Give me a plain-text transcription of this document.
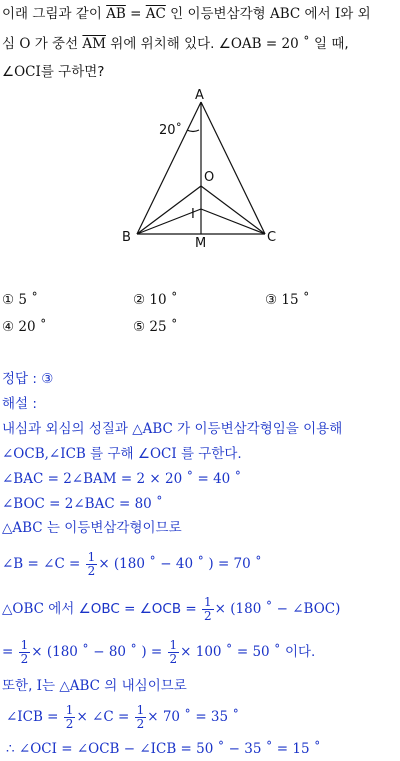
이래 그림과 같이 $\overline{AB} = \overline{AC}$ 인 이등변삼각형 ABC 에서 I와 외
심 O 가 중선 $\overline{AM}$ 위에 위치해 있다. ∠OAB = 20 ˚ 일 때,
∠OCI를 구하면?
A
B	C
M
O
I
20˚
① 5 ˚	② 10 ˚	③ 15 ˚
④ 20 ˚	⑤ 25 ˚
정답 : ③
해설 :
내심과 외심의 성질과 △ABC 가 이등변삼각형임을 이용해
∠OCB,∠ICB 를 구해 ∠OCI 를 구한다.
∠BAC = 2∠BAM = 2 × 20 ˚ = 40 ˚
∠BOC = 2∠BAC = 80 ˚
△ABC 는 이등변삼각형이므로
∠B = ∠C = $\frac{1}{2} \times (180$ ˚ − 40 ˚ ) = 70 ˚
△OBC 에서 ∠OBC = ∠OCB = $\frac{1}{2} \times (180$ ˚ − ∠BOC)
= $\frac{1}{2} \times (180$ ˚ − 80 ˚ ) = $\frac{1}{2} \times 100$ ˚ = 50 ˚ 이다.
또한, I는 △ABC 의 내심이므로
∠ICB = $\frac{1}{2}$ × ∠C = $\frac{1}{2} \times 70$ ˚ = 35 ˚
∴ ∠OCI = ∠OCB − ∠ICB = 50 ˚ − 35 ˚ = 15 ˚
